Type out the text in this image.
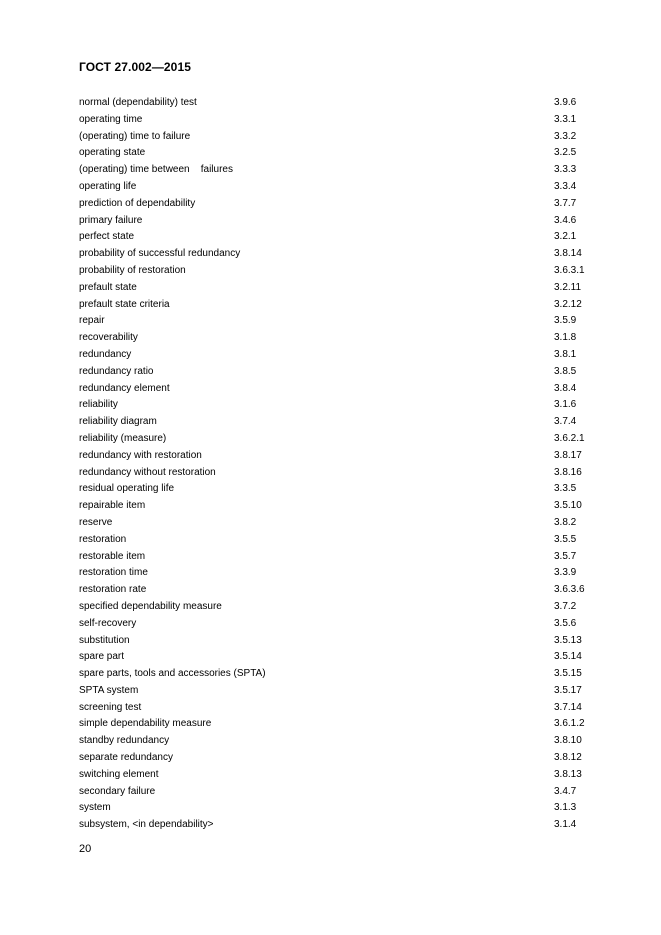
ГОСТ 27.002—2015
normal (dependability) test	3.9.6
operating time	3.3.1
(operating) time to failure	3.3.2
operating state	3.2.5
(operating) time between    failures	3.3.3
operating life	3.3.4
prediction of dependability	3.7.7
primary failure	3.4.6
perfect state	3.2.1
probability of successful redundancy	3.8.14
probability of restoration	3.6.3.1
prefault state	3.2.11
prefault state criteria	3.2.12
repair	3.5.9
recoverability	3.1.8
redundancy	3.8.1
redundancy ratio	3.8.5
redundancy element	3.8.4
reliability	3.1.6
reliability diagram	3.7.4
reliability (measure)	3.6.2.1
redundancy with restoration	3.8.17
redundancy without restoration	3.8.16
residual operating life	3.3.5
repairable item	3.5.10
reserve	3.8.2
restoration	3.5.5
restorable item	3.5.7
restoration time	3.3.9
restoration rate	3.6.3.6
specified dependability measure	3.7.2
self-recovery	3.5.6
substitution	3.5.13
spare part	3.5.14
spare parts, tools and accessories (SPTA)	3.5.15
SPTA system	3.5.17
screening test	3.7.14
simple dependability measure	3.6.1.2
standby redundancy	3.8.10
separate redundancy	3.8.12
switching element	3.8.13
secondary failure	3.4.7
system	3.1.3
subsystem, <in dependability>	3.1.4
20
